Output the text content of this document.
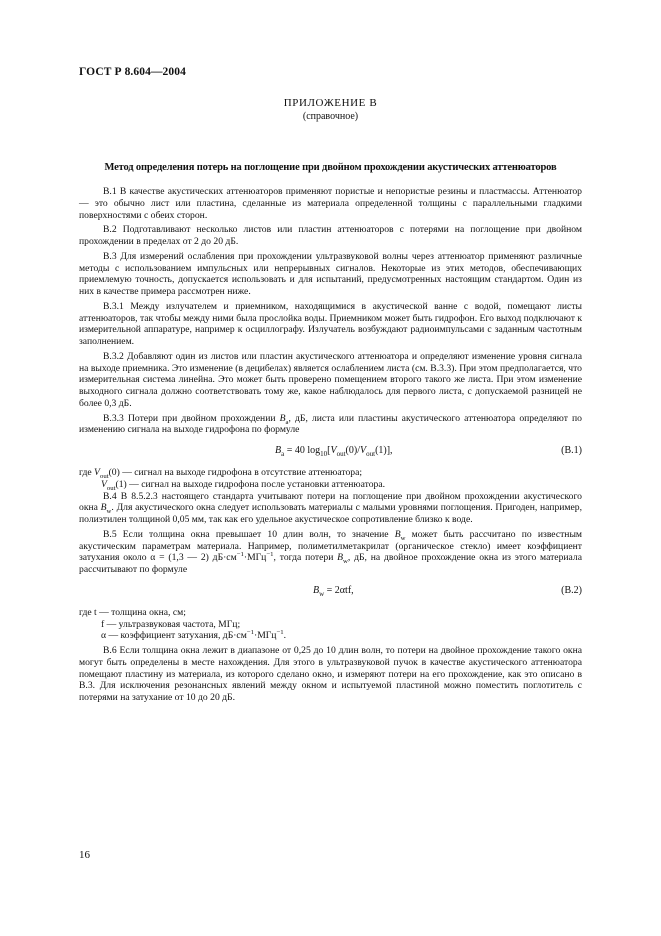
ГОСТ Р 8.604—2004
ПРИЛОЖЕНИЕ В
(справочное)
Метод определения потерь на поглощение при двойном прохождении акустических аттенюаторов

В.1 В качестве акустических аттенюаторов применяют пористые и непористые резины и пластмассы. Аттенюатор — это обычно лист или пластина, сделанные из материала определенной толщины с параллельными гладкими поверхностями с обеих сторон.

В.2 Подготавливают несколько листов или пластин аттенюаторов с потерями на поглощение при двойном прохождении в пределах от 2 до 20 дБ.

В.3 Для измерений ослабления при прохождении ультразвуковой волны через аттенюатор применяют различные методы с использованием импульсных или непрерывных сигналов. Некоторые из этих методов, обеспечивающих приемлемую точность, допускается использовать и для испытаний, предусмотренных настоящим стандартом. Один из них в качестве примера рассмотрен ниже.

В.3.1 Между излучателем и приемником, находящимися в акустической ванне с водой, помещают листы аттенюаторов, так чтобы между ними была прослойка воды. Приемником может быть гидрофон. Его выход подключают к измерительной аппаратуре, например к осциллографу. Излучатель возбуждают радиоимпульсами с заданным частотным заполнением.

В.3.2 Добавляют один из листов или пластин акустического аттенюатора и определяют изменение уровня сигнала на выходе приемника. Это изменение (в децибелах) является ослаблением листа (см. В.3.3). При этом предполагается, что измерительная система линейна. Это может быть проверено помещением второго такого же листа. При этом изменение выходного сигнала должно соответствовать тому же, какое наблюдалось для первого листа, с допускаемой разницей не более 0,3 дБ.

В.3.3 Потери при двойном прохождении $B_a$, дБ, листа или пластины акустического аттенюатора определяют по изменению сигнала на выходе гидрофона по формуле

$B_a = 40$ $\log_{10}[V_{out}(0)/V_{out}(1)]$,	(В.1)

где $V_{out}(0)$ — сигнал на выходе гидрофона в отсутствие аттенюатора;

$V_{out}(1)$ — сигнал на выходе гидрофона после установки аттенюатора.

В.4 В 8.5.2.3 настоящего стандарта учитывают потери на поглощение при двойном прохождении акустического окна $B_w$. Для акустического окна следует использовать материалы с малыми уровнями поглощения. Пригоден, например, полиэтилен толщиной 0,05 мм, так как его удельное акустическое сопротивление близко к воде.

В.5 Если толщина окна превышает 10 длин волн, то значение $B_w$ может быть рассчитано по известным акустическим параметрам материала. Например, полиметилметакрилат (органическое стекло) имеет коэффициент затухания около α = (1,3 — 2) $дБ\cdot см^{-1}\cdot МГц^{-1}$, тогда потери $B_w$, дБ, на двойное прохождение окна из этого материала рассчитывают по формуле

$B_w = 2\alpha tf$,	(В.2)

где t — толщина окна, см;

f — ультразвуковая частота, МГц;

α — коэффициент затухания, $дБ\cdot см^{-1}\cdot МГц^{-1}$.

В.6 Если толщина окна лежит в диапазоне от 0,25 до 10 длин волн, то потери на двойное прохождение такого окна могут быть определены в месте нахождения. Для этого в ультразвуковой пучок в качестве акустического аттенюатора помещают пластину из материала, из которого сделано окно, и измеряют потери на его прохождение, как это описано в В.3. Для исключения резонансных явлений между окном и испытуемой пластиной можно поместить поглотитель с потерями на затухание от 10 до 20 дБ.

16
